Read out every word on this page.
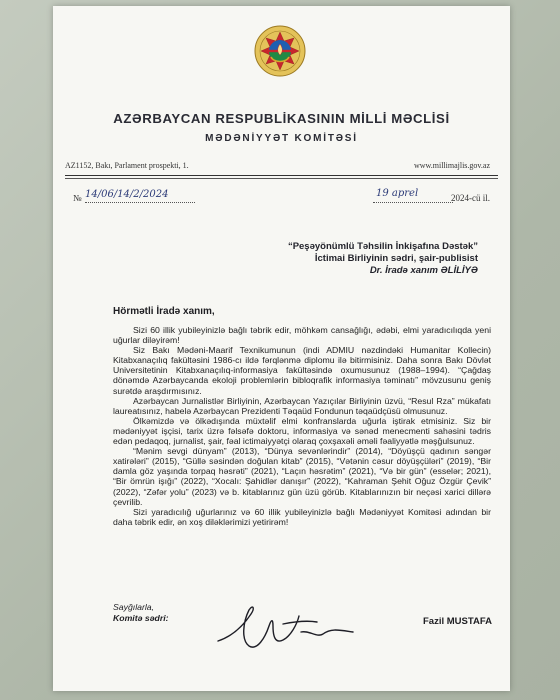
AZƏRBAYCAN RESPUBLİKASININ MİLLİ MƏCLİSİ
MƏDƏNİYYƏT KOMİTƏSİ
AZ1152, Bakı, Parlament prospekti, 1.	www.millimajlis.gov.az
№ 14/06/14/2/2024	19 aprel	2024-cü il.
“Peşəyönümlü Təhsilin İnkişafına Dəstək”
İctimai Birliyinin sədri, şair-publisist
Dr. İradə xanım ƏLİLİYƏ
Hörmətli İradə xanım,

Sizi 60 illik yubileyinizlə bağlı təbrik edir, möhkəm cansağlığı, ədəbi, elmi yaradıcılıqda yeni uğurlar diləyirəm!

Siz Bakı Mədəni-Maarif Texnikumunun (indi ADMIU nəzdindəki Humanitar Kollecin) Kitabxanaçılıq fakültəsini 1986-cı ildə fərqlənmə diplomu ilə bitirmisiniz. Daha sonra Bakı Dövlət Universitetinin Kitabxanaçılıq-informasiya fakültəsində oxumusunuz (1988–1994). “Çağdaş dönəmdə Azərbaycanda ekoloji problemlərin bibloqrafik informasiya təminatı” mövzusunu geniş surətdə araşdırmısınız.

Azərbaycan Jurnalistlər Birliyinin, Azərbaycan Yazıçılar Birliyinin üzvü, “Resul Rza” mükafatı laureatısınız, habelə Azərbaycan Prezidenti Təqaüd Fondunun təqaüdçüsü olmusunuz.

Ölkəmizdə və ölkədışında müxtəlif elmi konfranslarda uğurla iştirak etmisiniz. Siz bir mədəniyyət işçisi, tarix üzrə fəlsəfə doktoru, informasiya və sənəd menecmenti sahəsini tədris edən pedaqoq, jurnalist, şair, fəal ictimaiyyətçi olaraq çoxşaxəli əməli fəaliyyətlə məşğulsunuz.

“Mənim sevgi dünyam” (2013), “Dünya sevənlərindir” (2014), “Döyüşçü qadının səngər xatirələri” (2015), “Güllə səsindən doğulan kitab” (2015), “Vətənin cəsur döyüşçüləri” (2019), “Bir damla göz yaşında torpaq həsrəti” (2021), “Laçın həsrətim” (2021), “Və bir gün” (esselər; 2021), “Bir ömrün işığı” (2022), “Xocalı: Şahidlər danışır” (2022), “Kahraman Şehit Oğuz Özgür Çevik” (2022), “Zəfər yolu” (2023) və b. kitablarınız gün üzü görüb. Kitablarınızın bir neçəsi xarici dillərə çevrilib.

Sizi yaradıcılığ uğurlarınız və 60 illik yubileyinizlə bağlı Mədəniyyət Komitəsi adından bir daha təbrik edir, ən xoş diləklərimizi yetirirəm!

Sayğılarla,
Komitə sədri:	Fazil MUSTAFA
